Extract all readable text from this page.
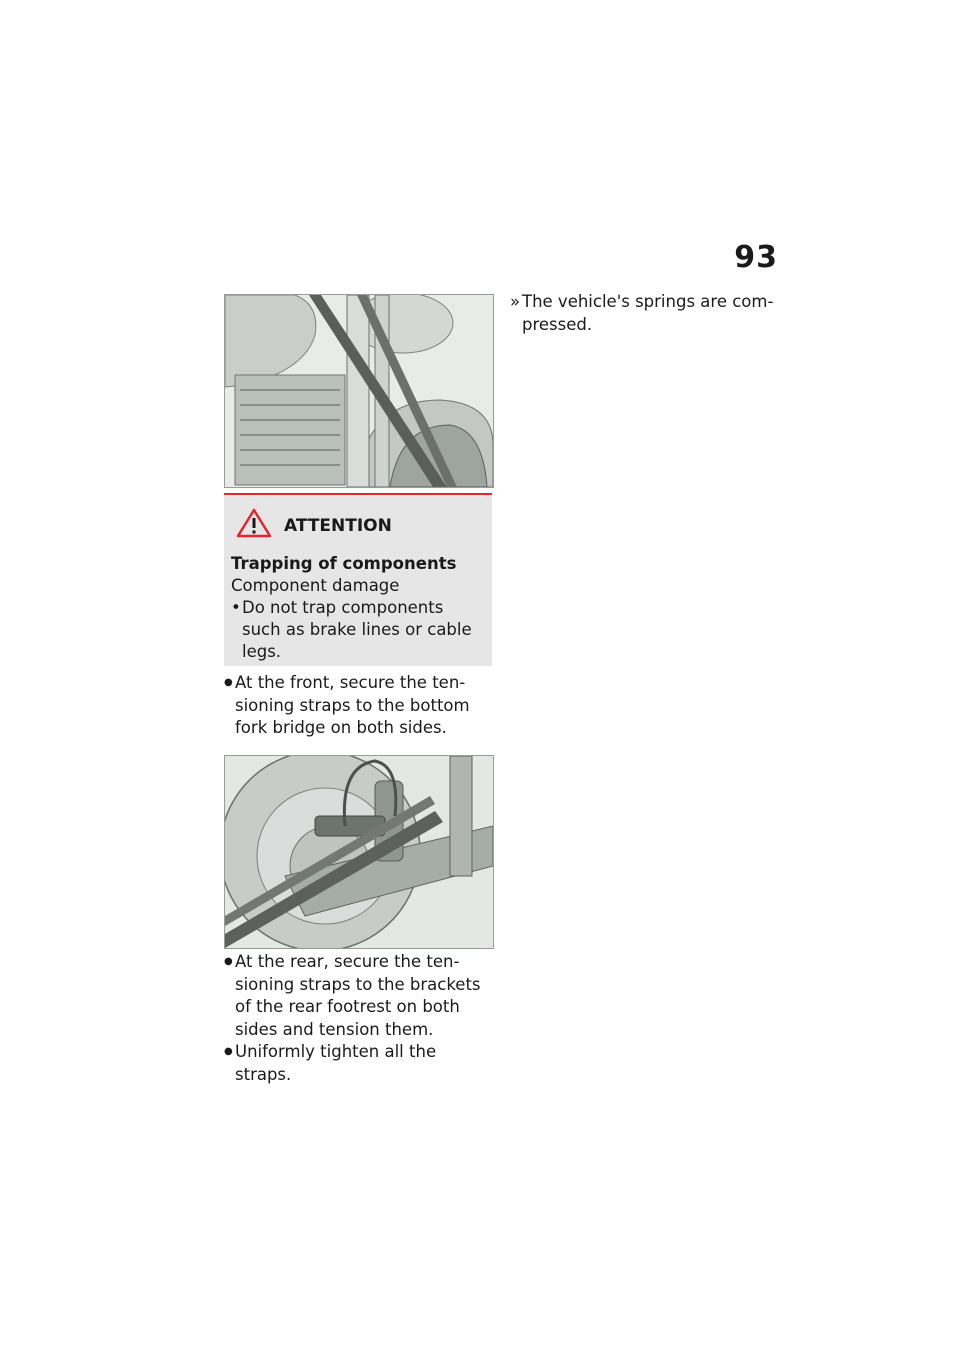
93
ATTENTION
Trapping of components
Component damage
• Do not trap components such as brake lines or cable legs.
● At the front, secure the ten-sioning straps to the bottom fork bridge on both sides.
● At the rear, secure the ten-sioning straps to the brackets of the rear footrest on both sides and tension them.
● Uniformly tighten all the straps.
» The vehicle's springs are com-pressed.
